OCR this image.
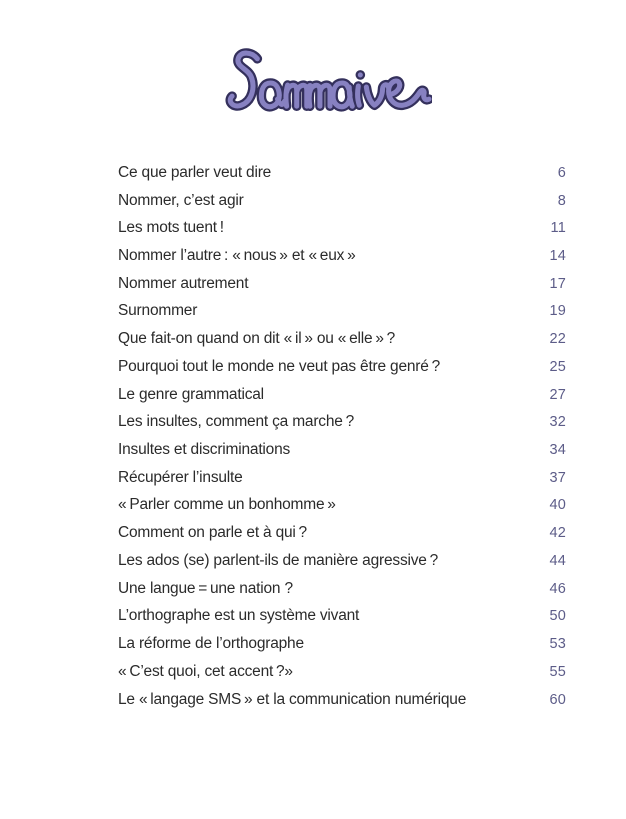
Ce que parler veut dire	6
Nommer, c’est agir	8
Les mots tuent !	11
Nommer l’autre : « nous » et « eux »	14
Nommer autrement	17
Surnommer	19
Que fait-on quand on dit « il » ou « elle » ?	22
Pourquoi tout le monde ne veut pas être genré ?	25
Le genre grammatical	27
Les insultes, comment ça marche ?	32
Insultes et discriminations	34
Récupérer l’insulte	37
« Parler comme un bonhomme »	40
Comment on parle et à qui ?	42
Les ados (se) parlent-ils de manière agressive ?	44
Une langue = une nation ?	46
L’orthographe est un système vivant	50
La réforme de l’orthographe	53
« C’est quoi, cet accent ?»	55
Le « langage SMS » et la communication numérique	60
